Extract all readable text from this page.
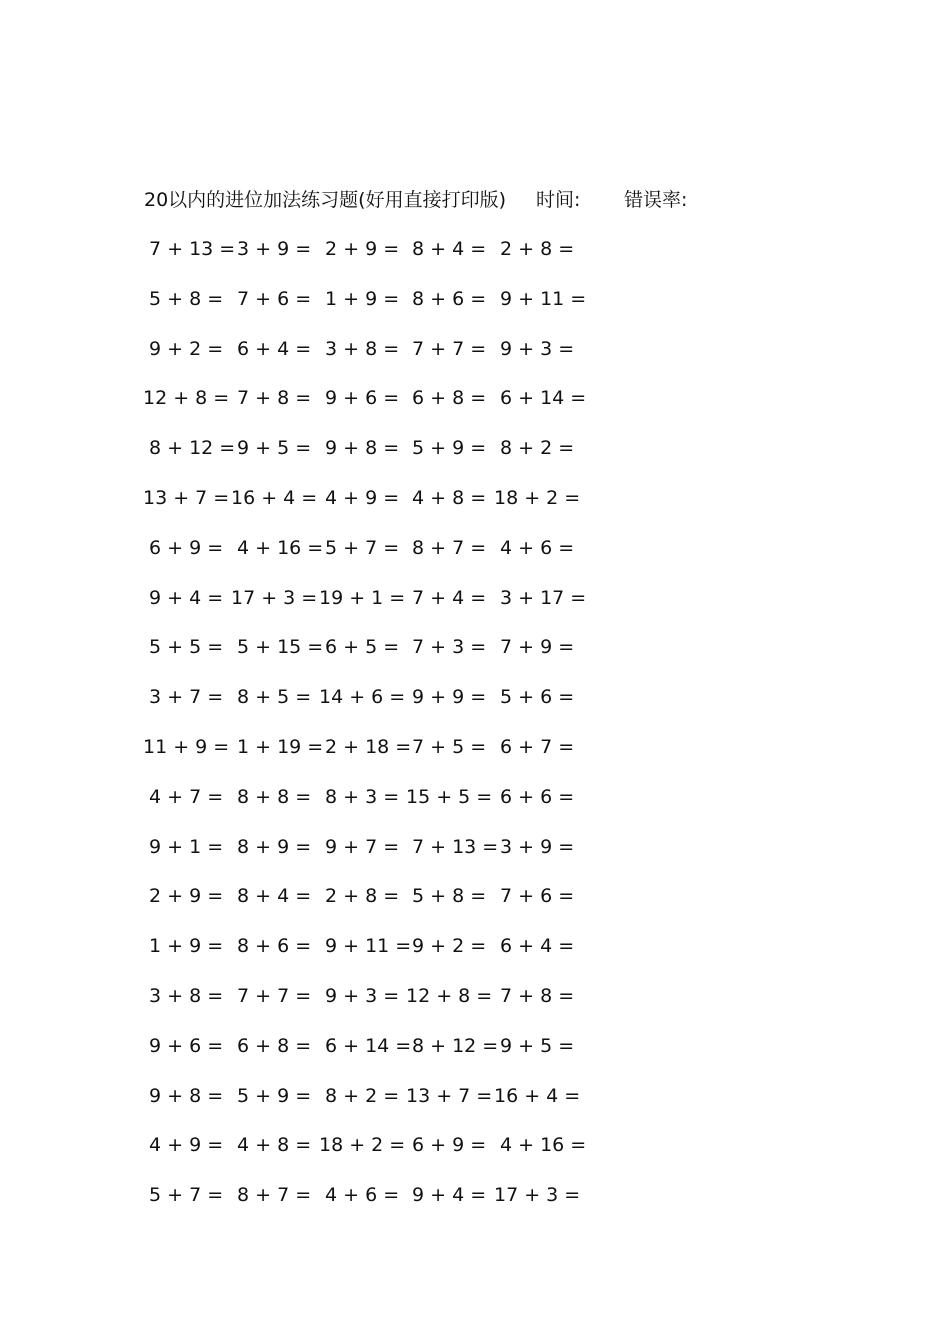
20以内的进位加法练习题(好用直接打印版) 时间: 错误率:
7 + 13 = 3 + 9 = 2 + 9 = 8 + 4 = 2 + 8 =
5 + 8 = 7 + 6 = 1 + 9 = 8 + 6 = 9 + 11 =
9 + 2 = 6 + 4 = 3 + 8 = 7 + 7 = 9 + 3 =
12 + 8 = 7 + 8 = 9 + 6 = 6 + 8 = 6 + 14 =
8 + 12 = 9 + 5 = 9 + 8 = 5 + 9 = 8 + 2 =
13 + 7 = 16 + 4 = 4 + 9 = 4 + 8 = 18 + 2 =
6 + 9 = 4 + 16 = 5 + 7 = 8 + 7 = 4 + 6 =
9 + 4 = 17 + 3 = 19 + 1 = 7 + 4 = 3 + 17 =
5 + 5 = 5 + 15 = 6 + 5 = 7 + 3 = 7 + 9 =
3 + 7 = 8 + 5 = 14 + 6 = 9 + 9 = 5 + 6 =
11 + 9 = 1 + 19 = 2 + 18 = 7 + 5 = 6 + 7 =
4 + 7 = 8 + 8 = 8 + 3 = 15 + 5 = 6 + 6 =
9 + 1 = 8 + 9 = 9 + 7 = 7 + 13 = 3 + 9 =
2 + 9 = 8 + 4 = 2 + 8 = 5 + 8 = 7 + 6 =
1 + 9 = 8 + 6 = 9 + 11 = 9 + 2 = 6 + 4 =
3 + 8 = 7 + 7 = 9 + 3 = 12 + 8 = 7 + 8 =
9 + 6 = 6 + 8 = 6 + 14 = 8 + 12 = 9 + 5 =
9 + 8 = 5 + 9 = 8 + 2 = 13 + 7 = 16 + 4 =
4 + 9 = 4 + 8 = 18 + 2 = 6 + 9 = 4 + 16 =
5 + 7 = 8 + 7 = 4 + 6 = 9 + 4 = 17 + 3 =
